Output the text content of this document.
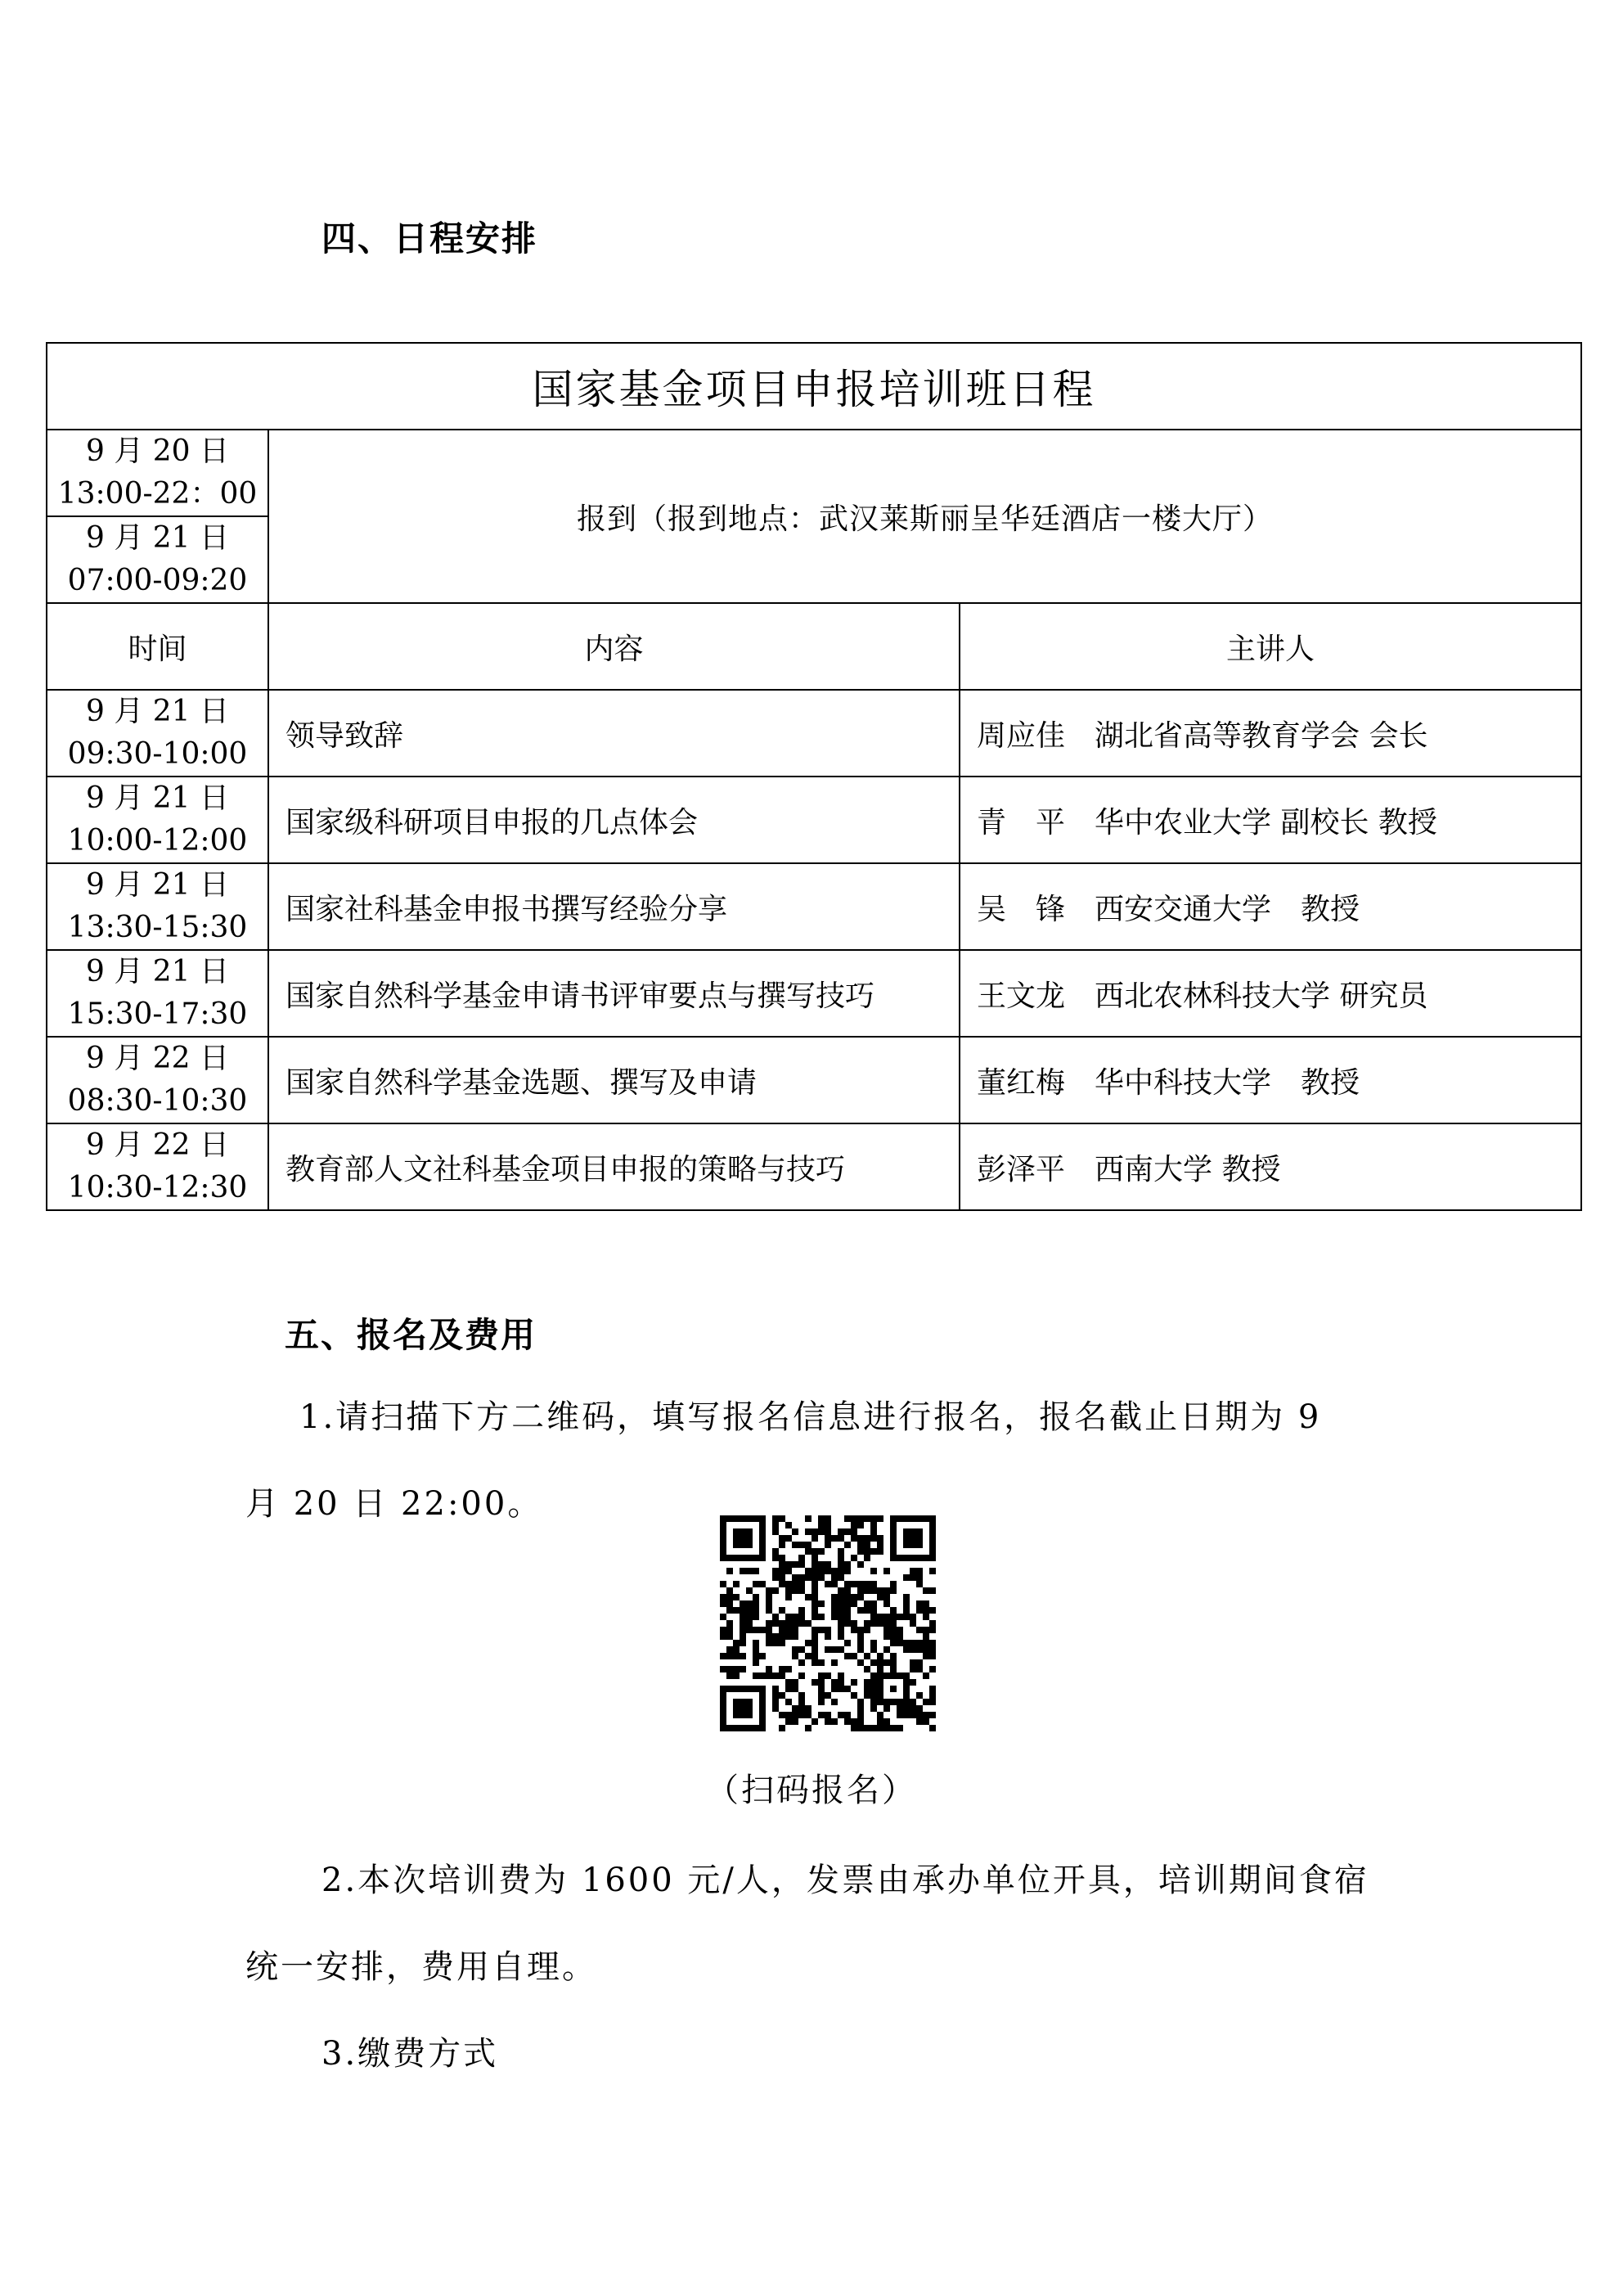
四、日程安排
国家基金项目申报培训班日程		

9 月 20 日
13:00-22：00	报到（报到地点：武汉莱斯丽呈华廷酒店一楼大厅）	

9 月 21 日
07:00-09:20		

时间	内容	主讲人

9 月 21 日
09:30-10:00	领导致辞	周应佳　湖北省高等教育学会 会长

9 月 21 日
10:00-12:00	国家级科研项目申报的几点体会	青　平　华中农业大学 副校长 教授

9 月 21 日
13:30-15:30	国家社科基金申报书撰写经验分享	吴　锋　西安交通大学　教授

9 月 21 日
15:30-17:30	国家自然科学基金申请书评审要点与撰写技巧	王文龙　西北农林科技大学 研究员

9 月 22 日
08:30-10:30	国家自然科学基金选题、撰写及申请	董红梅　华中科技大学　教授

9 月 22 日
10:30-12:30	教育部人文社科基金项目申报的策略与技巧	彭泽平　西南大学 教授
五、报名及费用
1.请扫描下方二维码，填写报名信息进行报名，报名截止日期为 9
月 20 日 22:00。
（扫码报名）
2.本次培训费为 1600 元/人，发票由承办单位开具，培训期间食宿
统一安排，费用自理。
3.缴费方式
